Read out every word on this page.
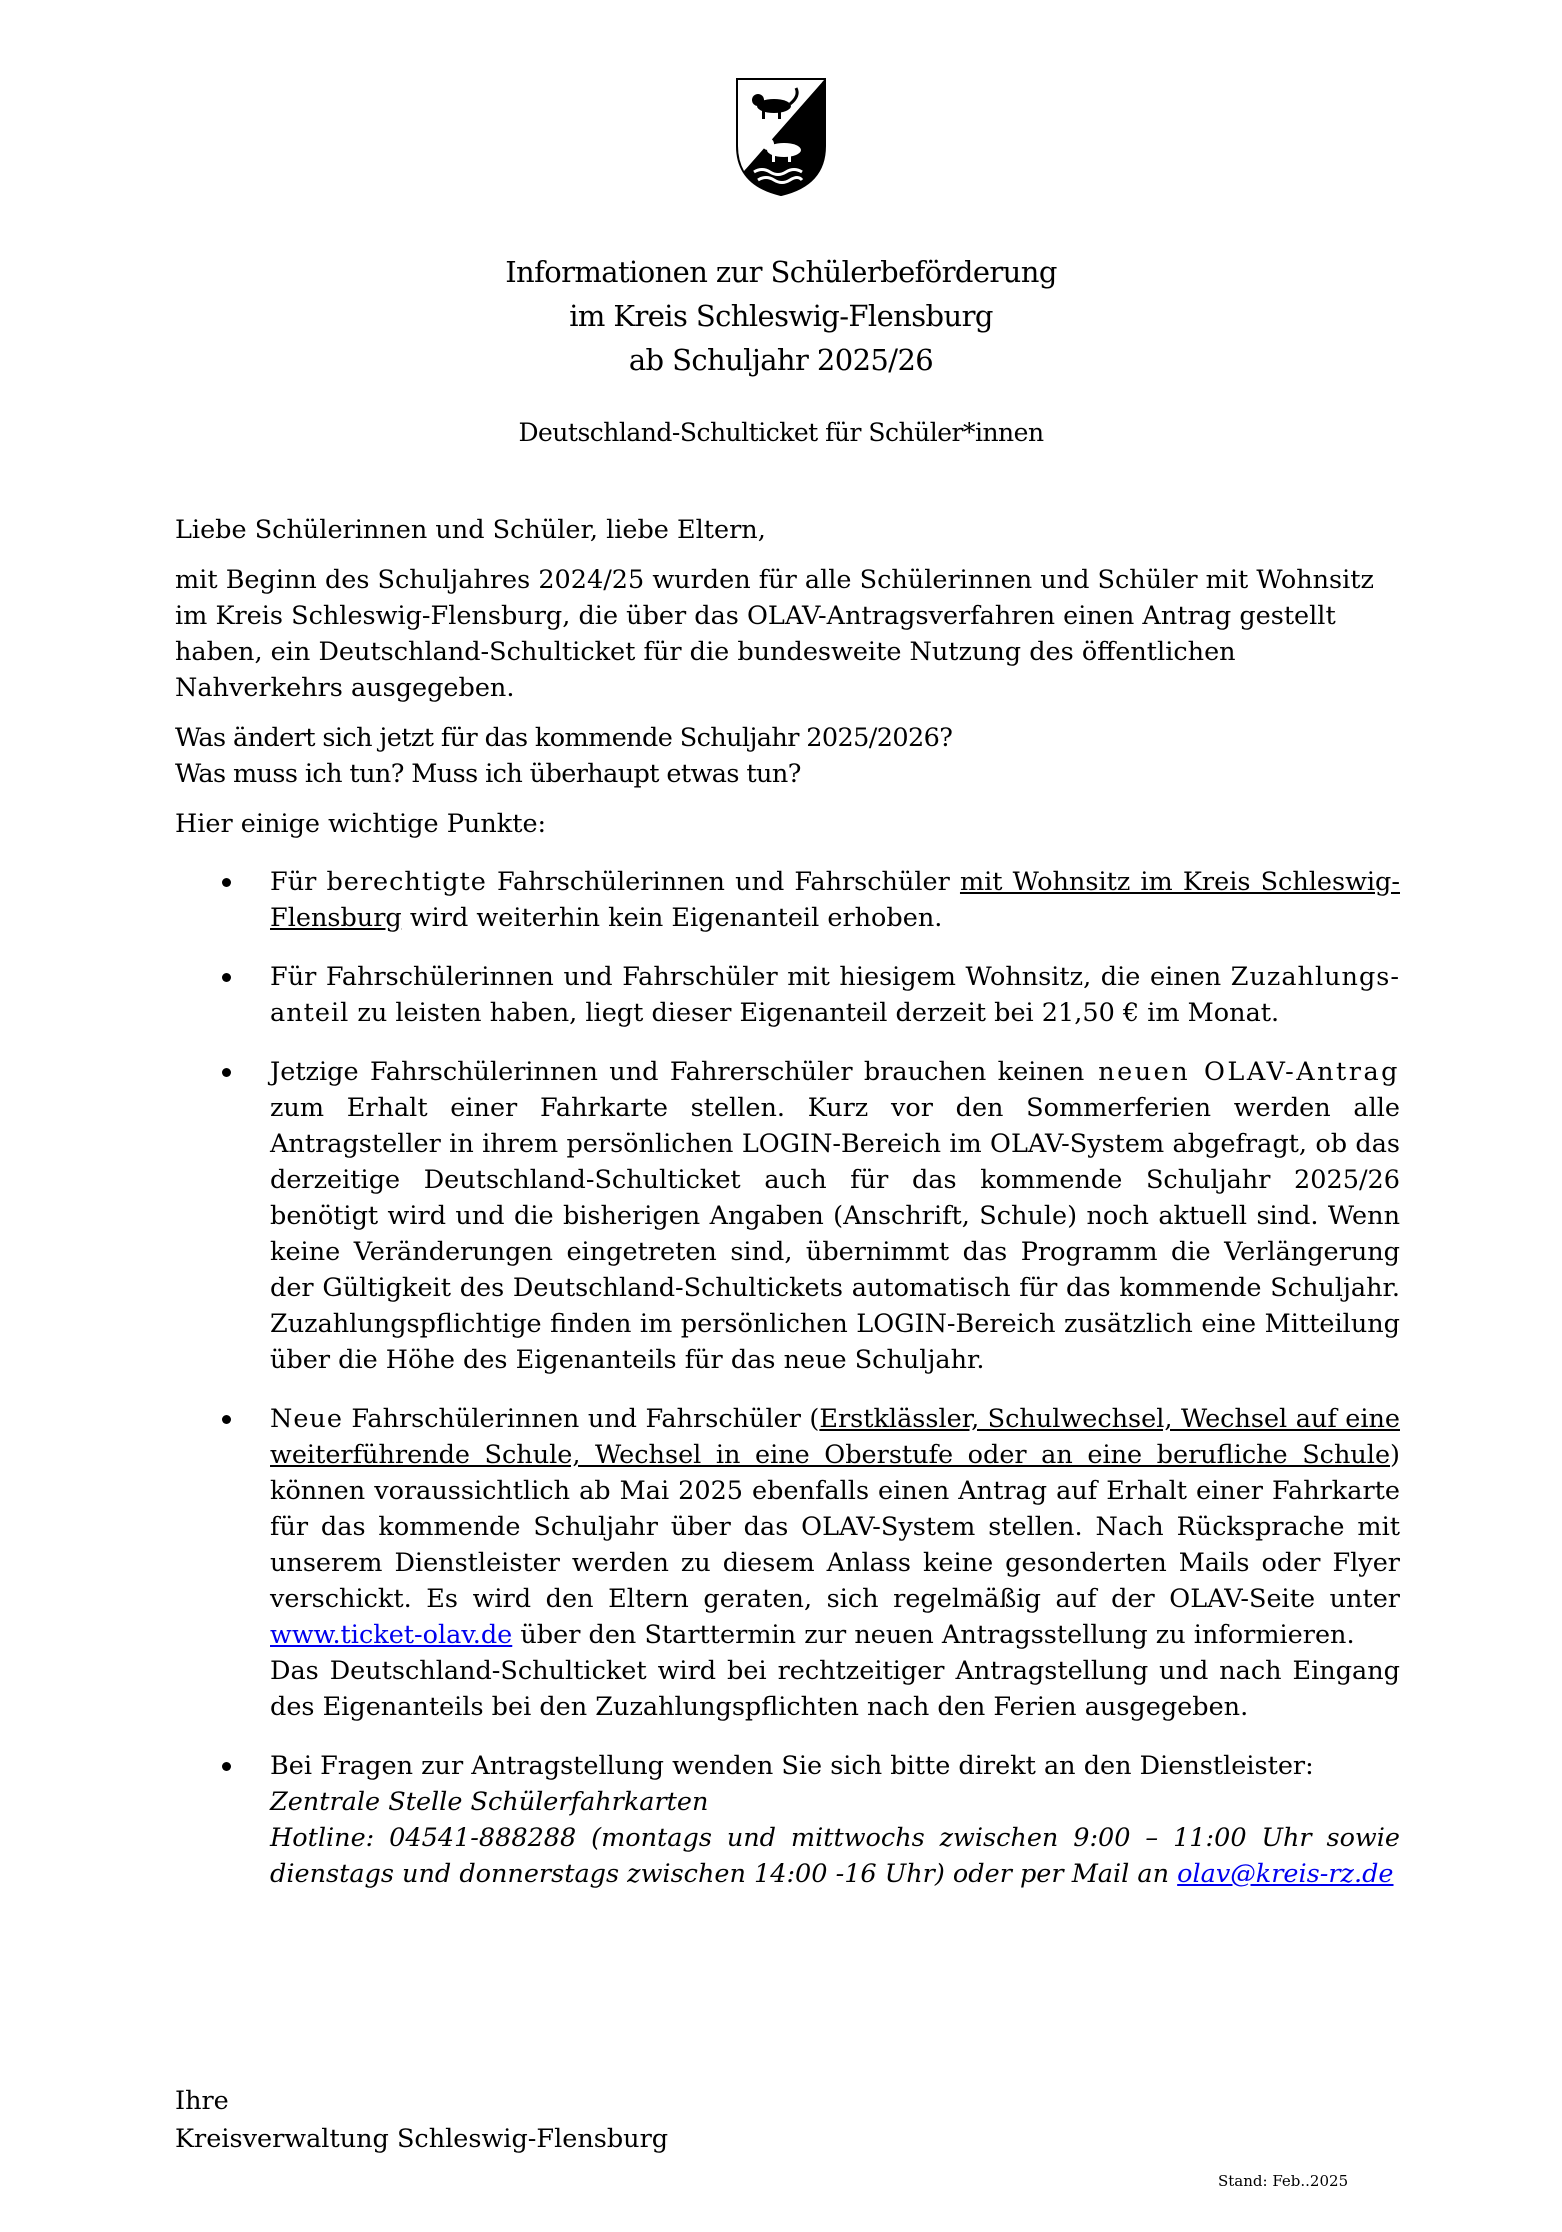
Informationen zur Schülerbeförderung
im Kreis Schleswig-Flensburg
ab Schuljahr 2025/26
Deutschland-Schulticket für Schüler*innen

Liebe Schülerinnen und Schüler, liebe Eltern,

mit Beginn des Schuljahres 2024/25 wurden für alle Schülerinnen und Schüler mit Wohnsitz im Kreis Schleswig-Flensburg, die über das OLAV-Antragsverfahren einen Antrag gestellt haben, ein Deutschland-Schulticket für die bundesweite Nutzung des öffentlichen Nahverkehrs ausgegeben.

Was ändert sich jetzt für das kommende Schuljahr 2025/2026?

Was muss ich tun? Muss ich überhaupt etwas tun?

Hier einige wichtige Punkte:

Für berechtigte Fahrschülerinnen und Fahrschüler mit Wohnsitz im Kreis Schleswig-Flensburg wird weiterhin kein Eigenanteil erhoben.
Für Fahrschülerinnen und Fahrschüler mit hiesigem Wohnsitz, die einen Zuzahlungs-anteil zu leisten haben, liegt dieser Eigenanteil derzeit bei 21,50 € im Monat.
Jetzige Fahrschülerinnen und Fahrerschüler brauchen keinen neuen OLAV-Antrag zum Erhalt einer Fahrkarte stellen. Kurz vor den Sommerferien werden alle Antragsteller in ihrem persönlichen LOGIN-Bereich im OLAV-System abgefragt, ob das derzeitige Deutschland-Schulticket auch für das kommende Schuljahr 2025/26 benötigt wird und die bisherigen Angaben (Anschrift, Schule) noch aktuell sind. Wenn keine Veränderungen eingetreten sind, übernimmt das Programm die Verlängerung der Gültigkeit des Deutschland-Schultickets automatisch für das kommende Schuljahr. Zuzahlungspflichtige finden im persönlichen LOGIN-Bereich zusätzlich eine Mitteilung über die Höhe des Eigenanteils für das neue Schuljahr.
Neue Fahrschülerinnen und Fahrschüler (Erstklässler, Schulwechsel, Wechsel auf eine weiterführende Schule, Wechsel in eine Oberstufe oder an eine berufliche Schule) können voraussichtlich ab Mai 2025 ebenfalls einen Antrag auf Erhalt einer Fahrkarte für das kommende Schuljahr über das OLAV-System stellen. Nach Rücksprache mit unserem Dienstleister werden zu diesem Anlass keine gesonderten Mails oder Flyer verschickt. Es wird den Eltern geraten, sich regelmäßig auf der OLAV-Seite unter www.ticket-olav.de über den Starttermin zur neuen Antragsstellung zu informieren.
Das Deutschland-Schulticket wird bei rechtzeitiger Antragstellung und nach Eingang des Eigenanteils bei den Zuzahlungspflichten nach den Ferien ausgegeben.
Bei Fragen zur Antragstellung wenden Sie sich bitte direkt an den Dienstleister:
Zentrale Stelle Schülerfahrkarten
Hotline: 04541-888288 (montags und mittwochs zwischen 9:00 – 11:00 Uhr sowie dienstags und donnerstags zwischen 14:00 -16 Uhr) oder per Mail an olav@kreis-rz.de
Ihre
Kreisverwaltung Schleswig-Flensburg
Stand: Feb..2025
